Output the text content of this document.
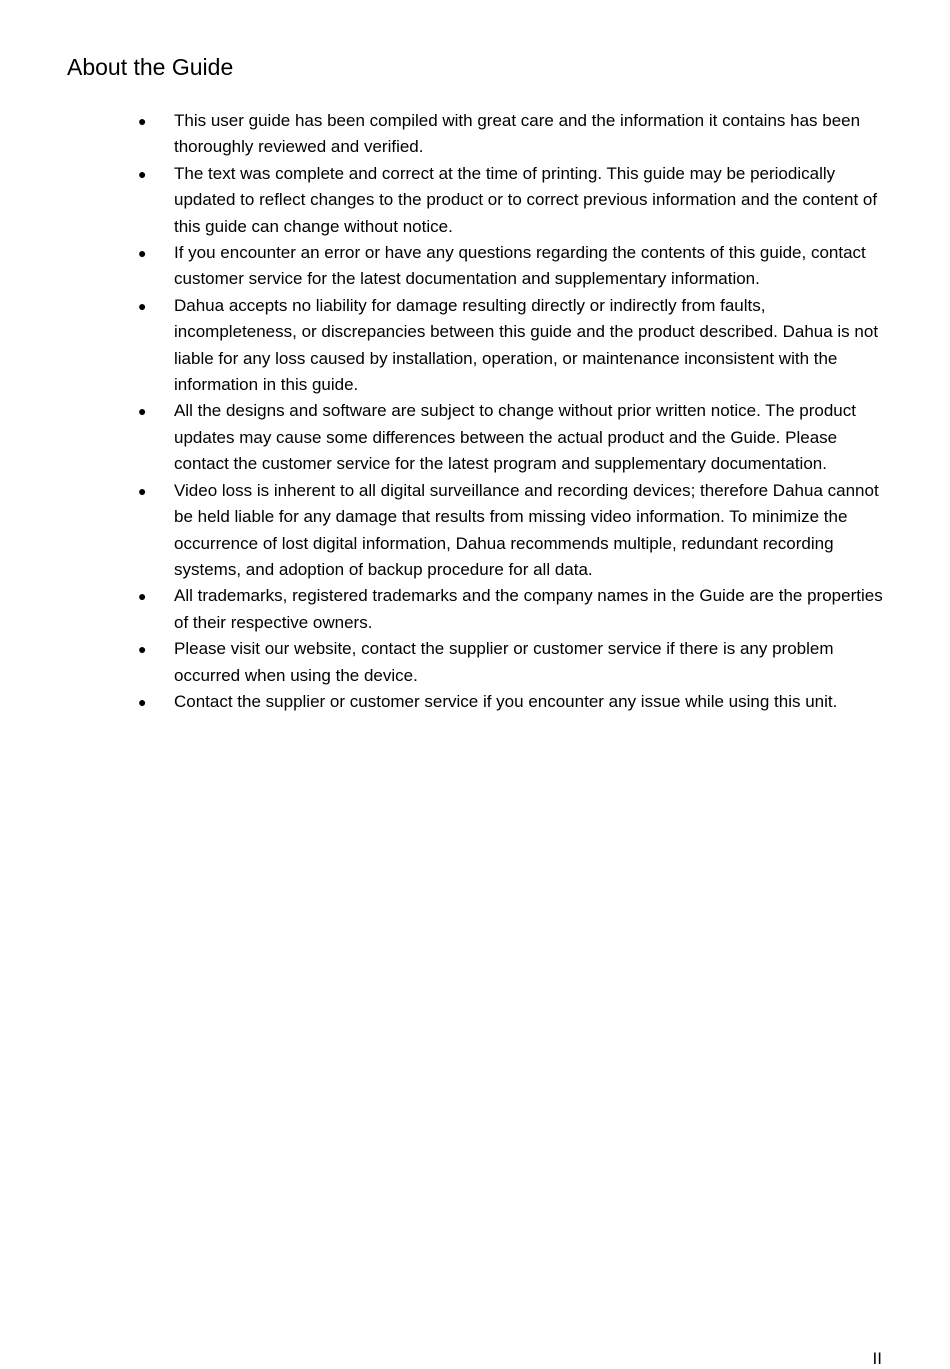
About the Guide
● This user guide has been compiled with great care and the information it contains has been thoroughly reviewed and verified.
● The text was complete and correct at the time of printing. This guide may be periodically updated to reflect changes to the product or to correct previous information and the content of this guide can change without notice.
● If you encounter an error or have any questions regarding the contents of this guide, contact customer service for the latest documentation and supplementary information.
● Dahua accepts no liability for damage resulting directly or indirectly from faults, incompleteness, or discrepancies between this guide and the product described. Dahua is not liable for any loss caused by installation, operation, or maintenance inconsistent with the information in this guide.
● All the designs and software are subject to change without prior written notice. The product updates may cause some differences between the actual product and the Guide. Please contact the customer service for the latest program and supplementary documentation.
● Video loss is inherent to all digital surveillance and recording devices; therefore Dahua cannot be held liable for any damage that results from missing video information. To minimize the occurrence of lost digital information, Dahua recommends multiple, redundant recording systems, and adoption of backup procedure for all data.
● All trademarks, registered trademarks and the company names in the Guide are the properties of their respective owners.
● Please visit our website, contact the supplier or customer service if there is any problem occurred when using the device.
● Contact the supplier or customer service if you encounter any issue while using this unit.
II
